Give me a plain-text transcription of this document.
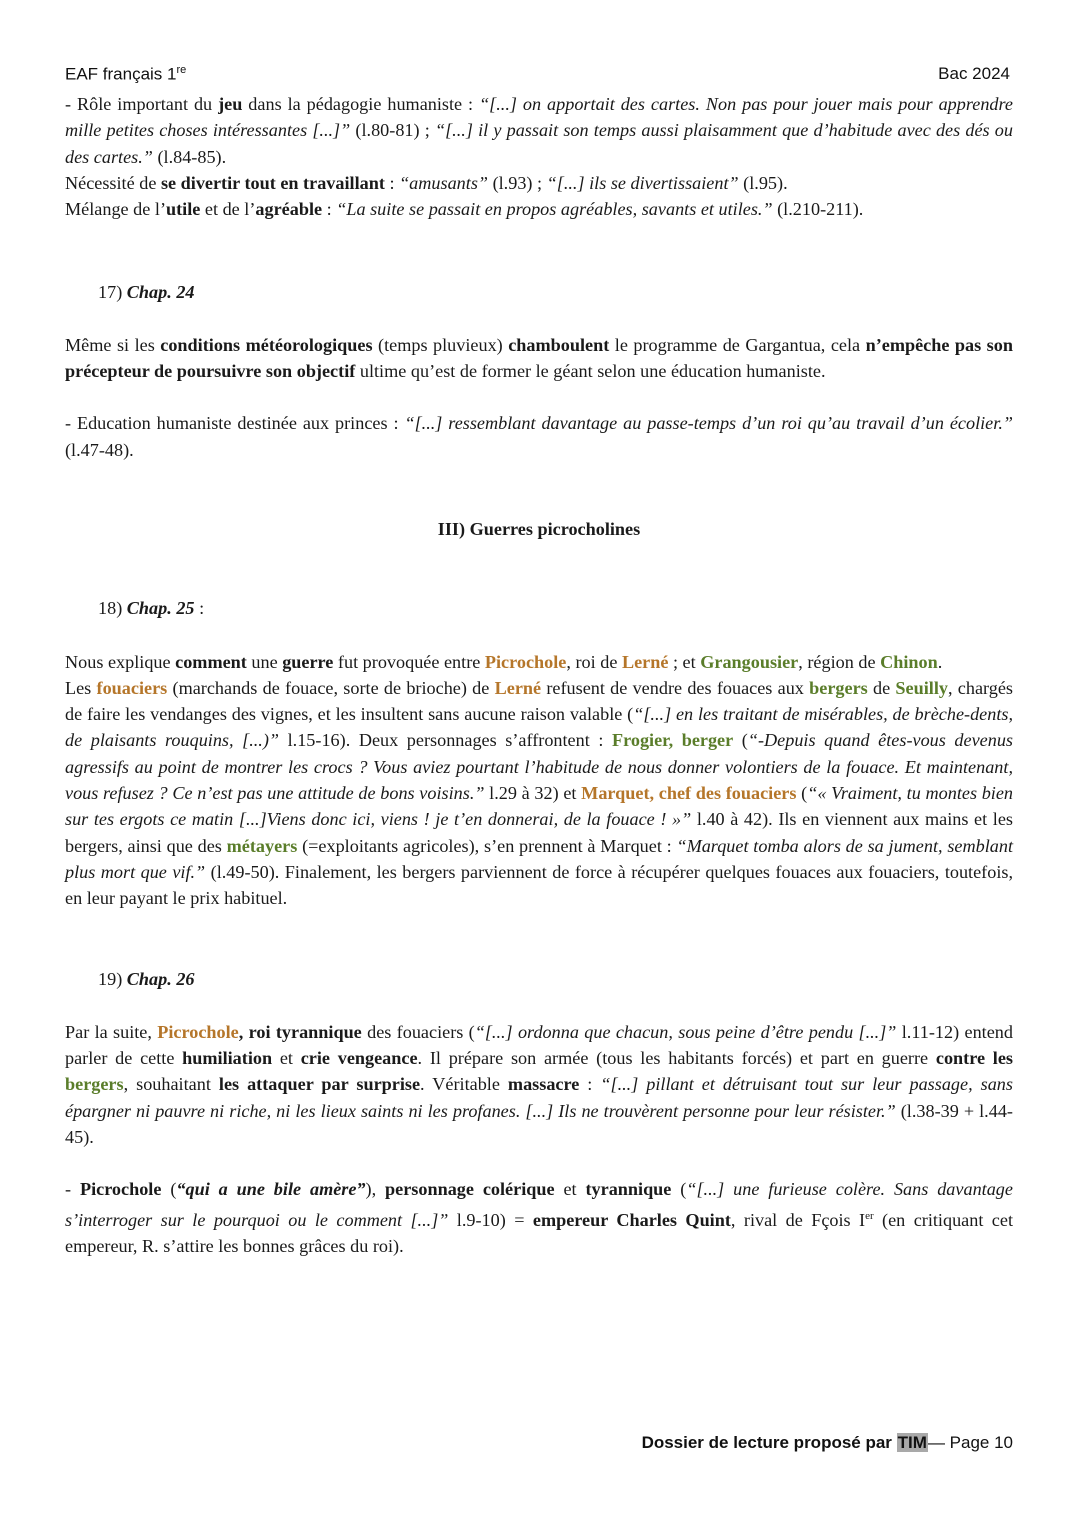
EAF français 1re	Bac 2024

- Rôle important du jeu dans la pédagogie humaniste : “[...] on apportait des cartes. Non pas pour jouer mais pour apprendre mille petites choses intéressantes [...]” (l.80-81) ; “[...] il y passait son temps aussi plaisamment que d’habitude avec des dés ou des cartes.” (l.84-85).

Nécessité de se divertir tout en travaillant : “amusants” (l.93) ; “[...] ils se divertissaient” (l.95).

Mélange de l’utile et de l’agréable : “La suite se passait en propos agréables, savants et utiles.” (l.210-211).

17) Chap. 24

Même si les conditions météorologiques (temps pluvieux) chamboulent le programme de Gargantua, cela n’empêche pas son précepteur de poursuivre son objectif ultime qu’est de former le géant selon une éducation humaniste.

- Education humaniste destinée aux princes : “[...] ressemblant davantage au passe-temps d’un roi qu’au travail d’un écolier.” (l.47-48).

III) Guerres picrocholines

18) Chap. 25 :

Nous explique comment une guerre fut provoquée entre Picrochole, roi de Lerné ; et Grangousier, région de Chinon.

Les fouaciers (marchands de fouace, sorte de brioche) de Lerné refusent de vendre des fouaces aux bergers de Seuilly, chargés de faire les vendanges des vignes, et les insultent sans aucune raison valable (“[...] en les traitant de misérables, de brèche-dents, de plaisants rouquins, [...)” l.15-16). Deux personnages s’affrontent : Frogier, berger (“-Depuis quand êtes-vous devenus agressifs au point de montrer les crocs ? Vous aviez pourtant l’habitude de nous donner volontiers de la fouace. Et maintenant, vous refusez ? Ce n’est pas une attitude de bons voisins.” l.29 à 32) et Marquet, chef des fouaciers (“« Vraiment, tu montes bien sur tes ergots ce matin [...]Viens donc ici, viens ! je t’en donnerai, de la fouace ! »” l.40 à 42). Ils en viennent aux mains et les bergers, ainsi que des métayers (=exploitants agricoles), s’en prennent à Marquet : “Marquet tomba alors de sa jument, semblant plus mort que vif.” (l.49-50). Finalement, les bergers parviennent de force à récupérer quelques fouaces aux fouaciers, toutefois, en leur payant le prix habituel.

19) Chap. 26

Par la suite, Picrochole, roi tyrannique des fouaciers (“[...] ordonna que chacun, sous peine d’être pendu [...]” l.11-12) entend parler de cette humiliation et crie vengeance. Il prépare son armée (tous les habitants forcés) et part en guerre contre les bergers, souhaitant les attaquer par surprise. Véritable massacre : “[...] pillant et détruisant tout sur leur passage, sans épargner ni pauvre ni riche, ni les lieux saints ni les profanes. [...] Ils ne trouvèrent personne pour leur résister.” (l.38-39 + l.44-45).

- Picrochole (“qui a une bile amère”), personnage colérique et tyrannique (“[...] une furieuse colère. Sans davantage s’interroger sur le pourquoi ou le comment [...]” l.9-10) = empereur Charles Quint, rival de Fçois Ier (en critiquant cet empereur, R. s’attire les bonnes grâces du roi).

Dossier de lecture proposé par TIM— Page 10
